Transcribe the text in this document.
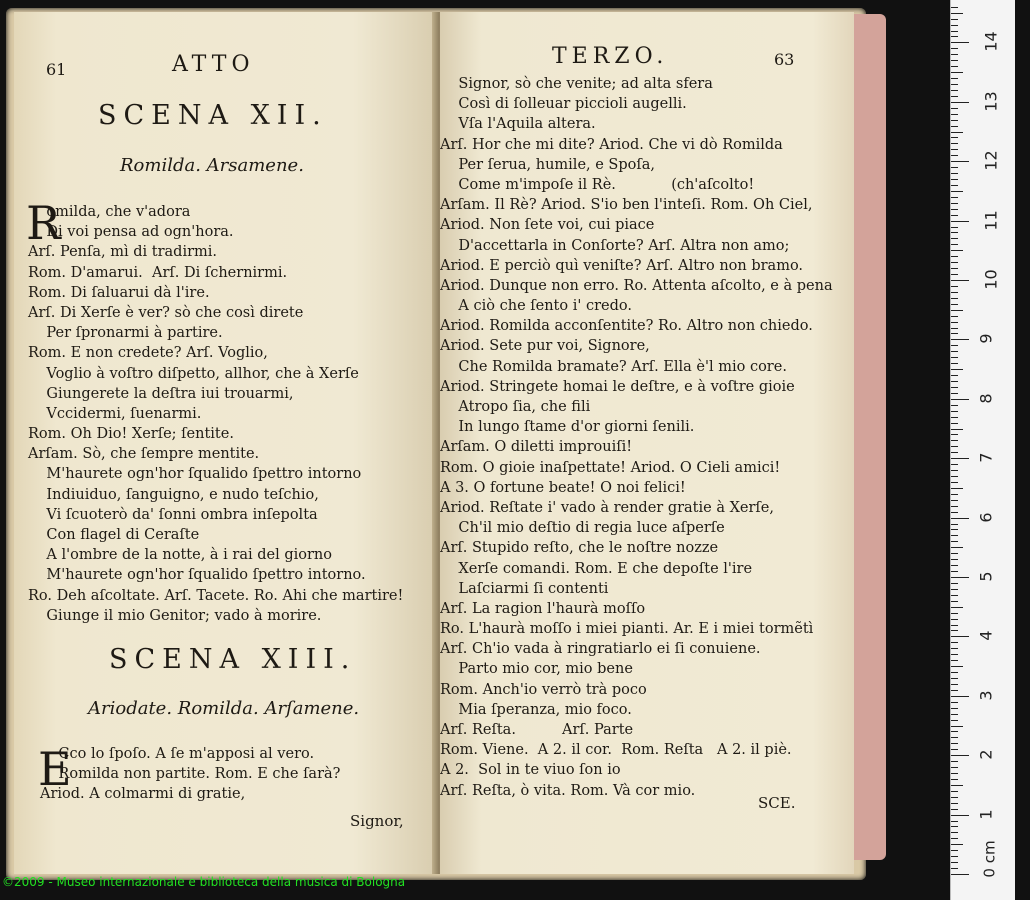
61	ATTO
SCENA XII.
Romilda. Arsamene.
R
omilda, che v'adora
Di voi pensa ad ogn'hora.
Arſ. Penſa, mì di tradirmi.
Rom. D'amarui.  Arſ. Di ſchernirmi.
Rom. Di ſaluarui dà l'ire.
Arſ. Di Xerſe è ver? sò che così direte
Per ſpronarmi à partire.
Rom. E non credete? Arſ. Voglio,
Voglio à voſtro diſpetto, allhor, che à Xerſe
Giungerete la deſtra iui trouarmi,
Vccidermi, ſuenarmi.
Rom. Oh Dio! Xerſe; ſentite.
Arſam. Sò, che ſempre mentite.
M'haurete ogn'hor ſqualido ſpettro intorno
Indiuiduo, ſanguigno, e nudo teſchio,
Vi ſcuoterò da' ſonni ombra inſepolta
Con flagel di Ceraſte
A l'ombre de la notte, à i rai del giorno
M'haurete ogn'hor ſqualido ſpettro intorno.
Ro. Deh aſcoltate. Arſ. Tacete. Ro. Ahi che martire!
Giunge il mio Genitor; vado à morire.
SCENA XIII.
Ariodate. Romilda. Arſamene.
E
Cco lo ſpoſo. A ſe m'apposi al vero.
Romilda non partite. Rom. E che ſarà?
Ariod. A colmarmi di gratie,
Signor,
TERZO.	63
Signor, sò che venite; ad alta sfera
Così di ſolleuar piccioli augelli.
Vſa l'Aquila altera.
Arſ. Hor che mi dite? Ariod. Che vi dò Romilda
Per ſerua, humile, e Spoſa,
Come m'impoſe il Rè.            (ch'aſcolto!
Arſam. Il Rè? Ariod. S'io ben l'inteſi. Rom. Oh Ciel,
Ariod. Non ſete voi, cui piace
D'accettarla in Conſorte? Arſ. Altra non amo;
Ariod. E perciò quì veniſte? Arſ. Altro non bramo.
Ariod. Dunque non erro. Ro. Attenta aſcolto, e à pena
A ciò che ſento i' credo.
Ariod. Romilda acconſentite? Ro. Altro non chiedo.
Ariod. Sete pur voi, Signore,
Che Romilda bramate? Arſ. Ella è'l mio core.
Ariod. Stringete homai le deſtre, e à voſtre gioie
Atropo ſia, che fili
In lungo ſtame d'or giorni ſenili.
Arſam. O diletti improuiſi!
Rom. O gioie inaſpettate! Ariod. O Cieli amici!
A 3. O fortune beate! O noi felici!
Ariod. Reſtate i' vado à render gratie à Xerſe,
Ch'il mio deſtio di regia luce aſperſe
Arſ. Stupido reſto, che le noſtre nozze
Xerſe comandi. Rom. E che depoſte l'ire
Laſciarmi ſi contenti
Arſ. La ragion l'haurà moſſo
Ro. L'haurà moſſo i miei pianti. Ar. E i miei tormẽtì
Arſ. Ch'io vada à ringratiarlo ei ſi conuiene.
Parto mio cor, mio bene
Rom. Anch'io verrò trà poco
Mia ſperanza, mio foco.
Arſ. Reſta.          Arſ. Parte
Rom. Viene.  A 2. il cor.  Rom. Reſta   A 2. il piè.
A 2.  Sol in te viuo ſon io
Arſ. Reſta, ò vita. Rom. Và cor mio.
SCE.
0 cm
1
2
3
4
5
6
7
8
9
10
11
12
13
14
©2009 - Museo internazionale e biblioteca della musica di Bologna
